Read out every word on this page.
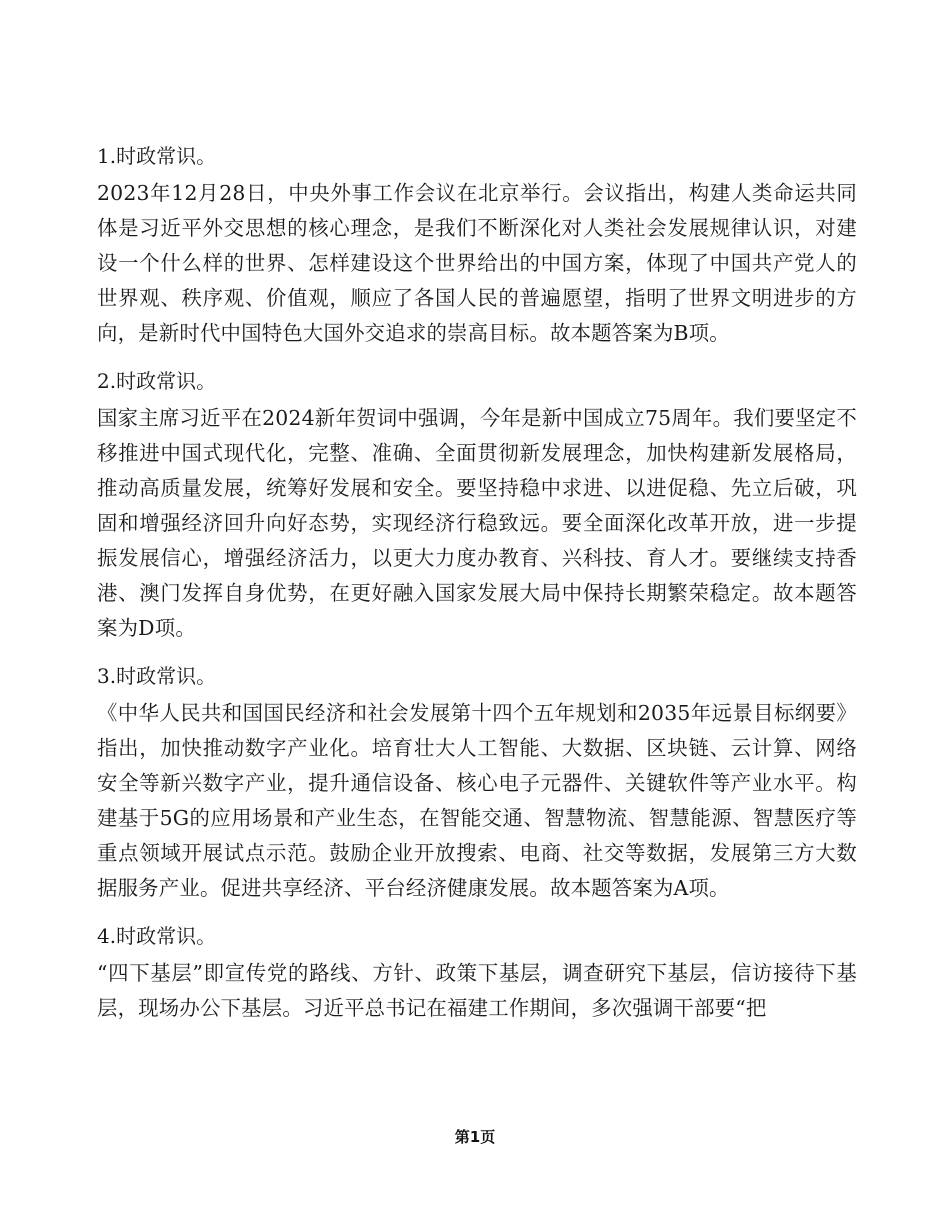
1.时政常识。
2023年12月28日，中央外事工作会议在北京举行。会议指出，构建人类命运共同体是习近平外交思想的核心理念，是我们不断深化对人类社会发展规律认识，对建设一个什么样的世界、怎样建设这个世界给出的中国方案，体现了中国共产党人的世界观、秩序观、价值观，顺应了各国人民的普遍愿望，指明了世界文明进步的方向，是新时代中国特色大国外交追求的崇高目标。故本题答案为B项。
2.时政常识。
国家主席习近平在2024新年贺词中强调，今年是新中国成立75周年。我们要坚定不移推进中国式现代化，完整、准确、全面贯彻新发展理念，加快构建新发展格局，推动高质量发展，统筹好发展和安全。要坚持稳中求进、以进促稳、先立后破，巩固和增强经济回升向好态势，实现经济行稳致远。要全面深化改革开放，进一步提振发展信心，增强经济活力，以更大力度办教育、兴科技、育人才。要继续支持香港、澳门发挥自身优势，在更好融入国家发展大局中保持长期繁荣稳定。故本题答案为D项。
3.时政常识。
《中华人民共和国国民经济和社会发展第十四个五年规划和2035年远景目标纲要》指出，加快推动数字产业化。培育壮大人工智能、大数据、区块链、云计算、网络安全等新兴数字产业，提升通信设备、核心电子元器件、关键软件等产业水平。构建基于5G的应用场景和产业生态，在智能交通、智慧物流、智慧能源、智慧医疗等重点领域开展试点示范。鼓励企业开放搜索、电商、社交等数据，发展第三方大数据服务产业。促进共享经济、平台经济健康发展。故本题答案为A项。
4.时政常识。
“四下基层”即宣传党的路线、方针、政策下基层，调查研究下基层，信访接待下基层，现场办公下基层。习近平总书记在福建工作期间，多次强调干部要“把
第1页
